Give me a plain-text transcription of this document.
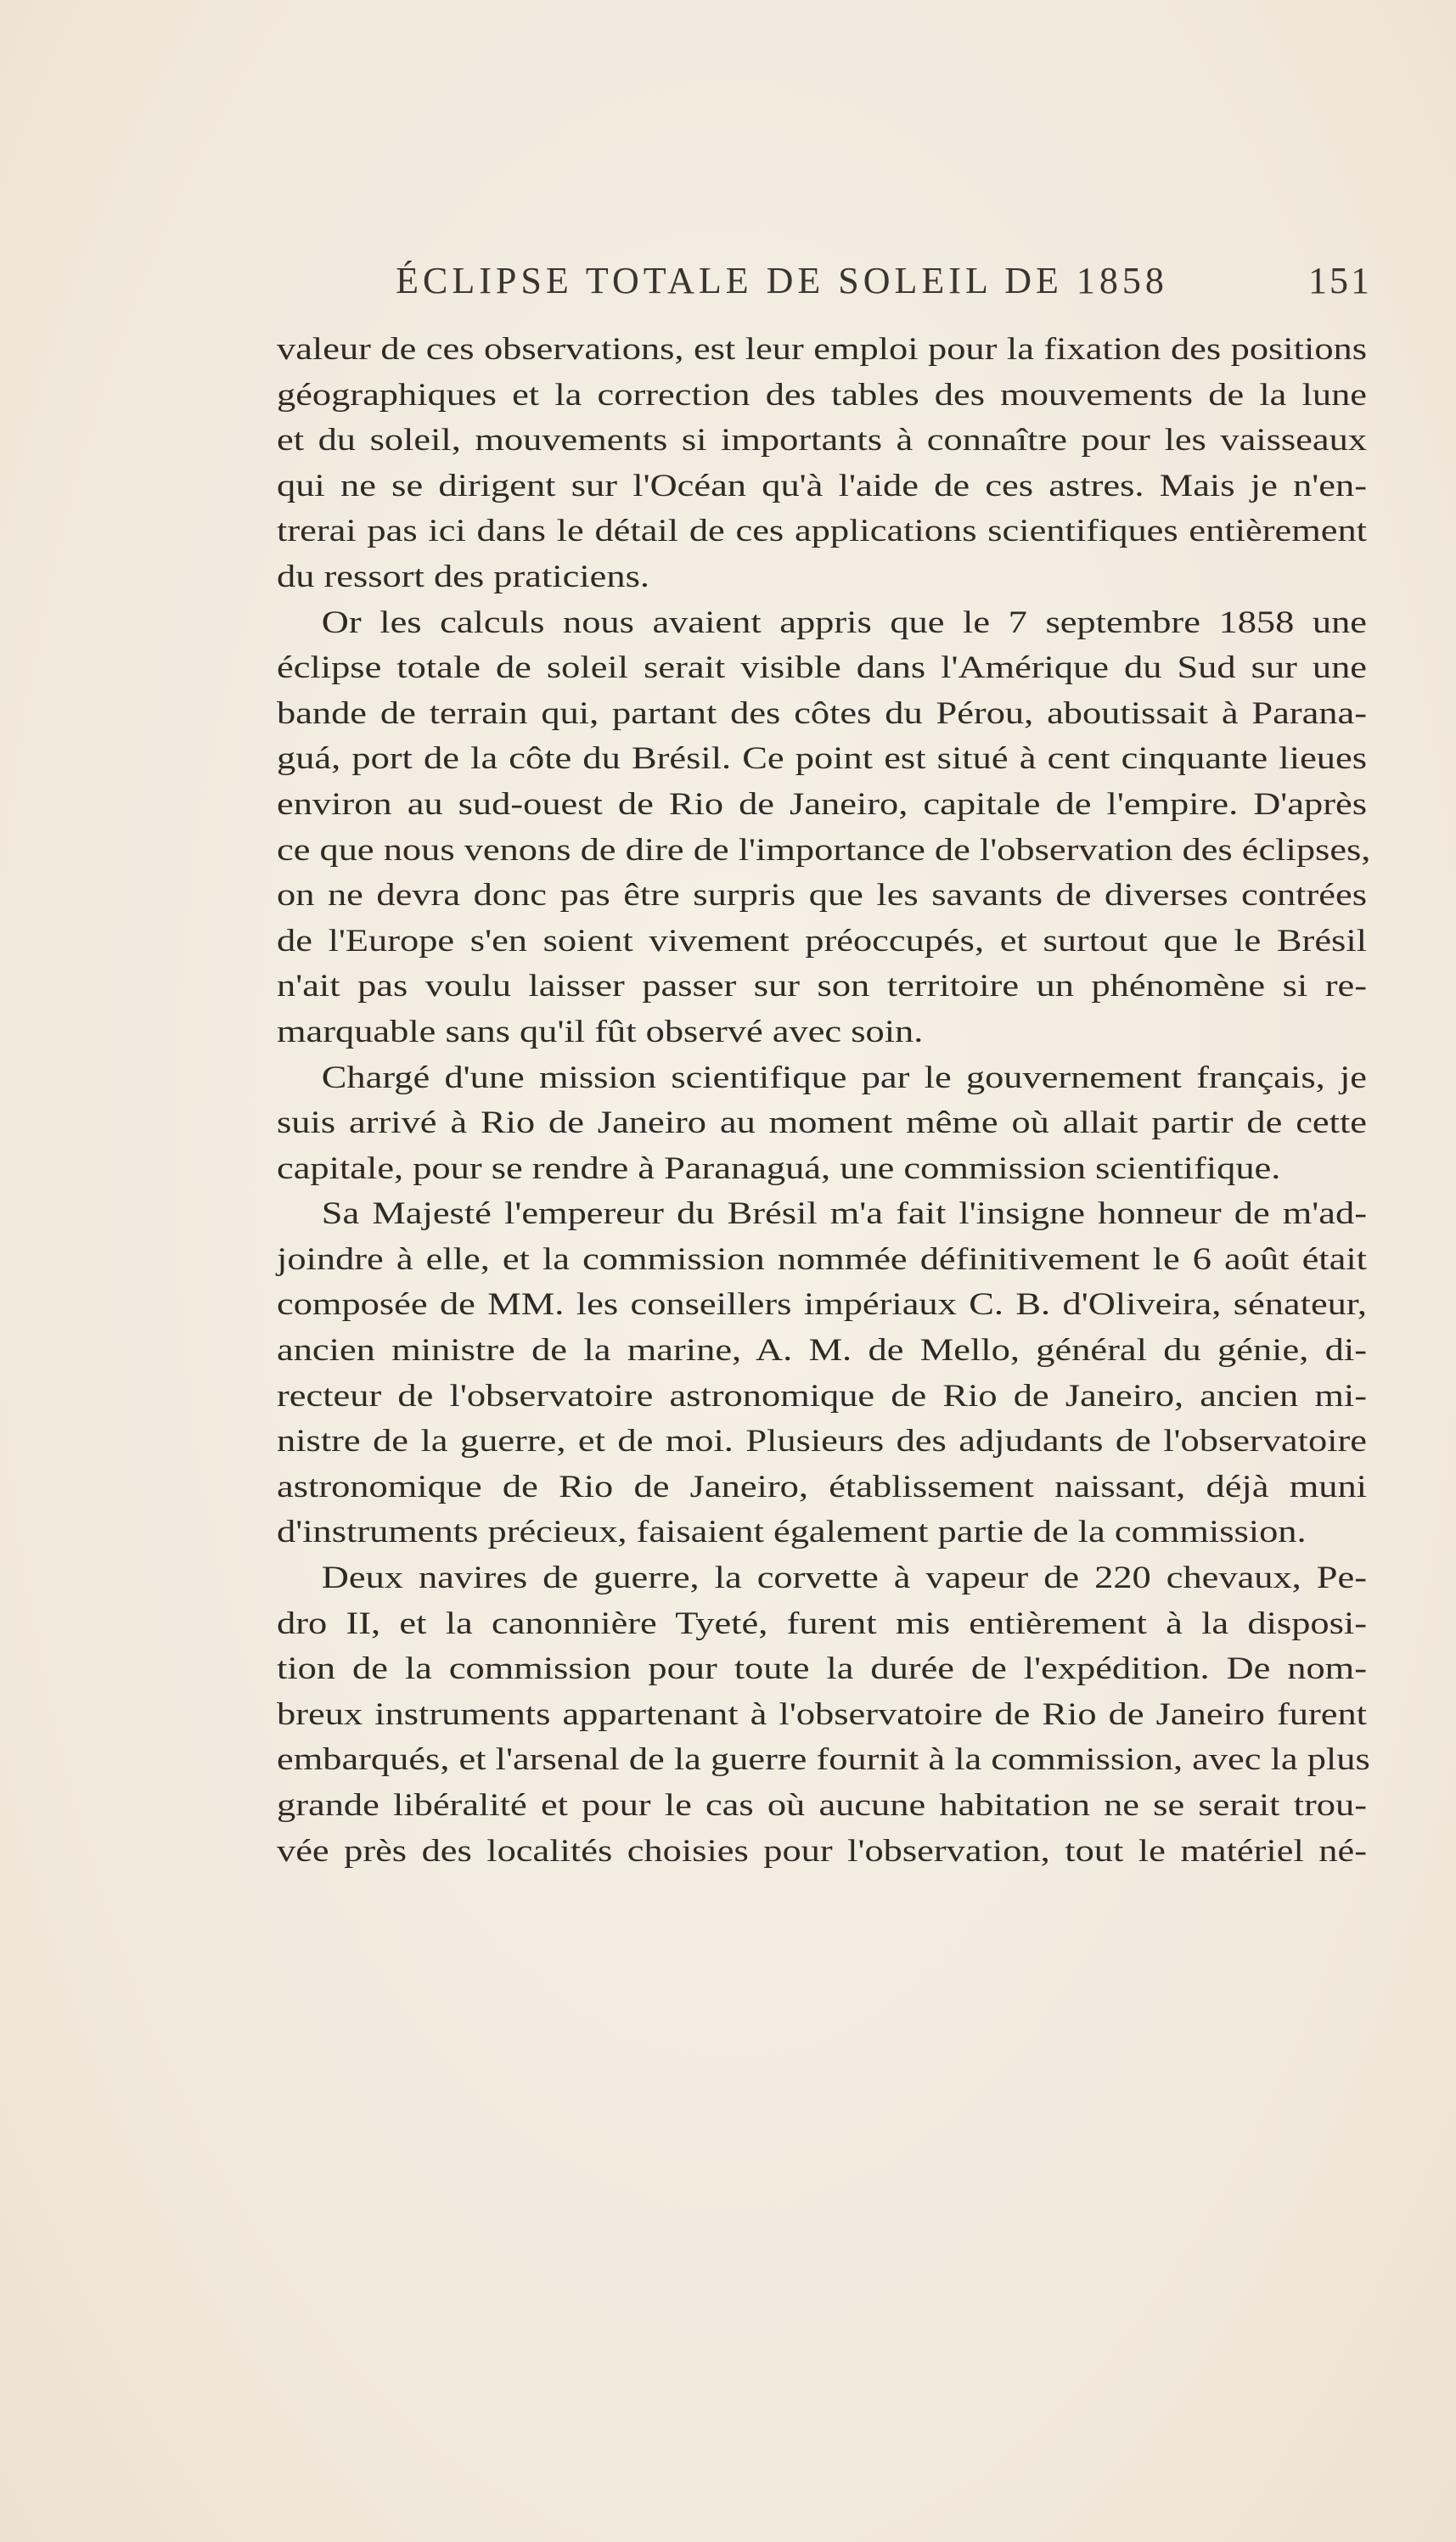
ÉCLIPSE TOTALE DE SOLEIL DE 1858	151
valeur de ces observations, est leur emploi pour la fixation des positions
géographiques et la correction des tables des mouvements de la lune
et du soleil, mouvements si importants à connaître pour les vaisseaux
qui ne se dirigent sur l'Océan qu'à l'aide de ces astres. Mais je n'en-
trerai pas ici dans le détail de ces applications scientifiques entièrement
du ressort des praticiens.
Or les calculs nous avaient appris que le 7 septembre 1858 une
éclipse totale de soleil serait visible dans l'Amérique du Sud sur une
bande de terrain qui, partant des côtes du Pérou, aboutissait à Parana-
guá, port de la côte du Brésil. Ce point est situé à cent cinquante lieues
environ au sud-ouest de Rio de Janeiro, capitale de l'empire. D'après
ce que nous venons de dire de l'importance de l'observation des éclipses,
on ne devra donc pas être surpris que les savants de diverses contrées
de l'Europe s'en soient vivement préoccupés, et surtout que le Brésil
n'ait pas voulu laisser passer sur son territoire un phénomène si re-
marquable sans qu'il fût observé avec soin.
Chargé d'une mission scientifique par le gouvernement français, je
suis arrivé à Rio de Janeiro au moment même où allait partir de cette
capitale, pour se rendre à Paranaguá, une commission scientifique.
Sa Majesté l'empereur du Brésil m'a fait l'insigne honneur de m'ad-
joindre à elle, et la commission nommée définitivement le 6 août était
composée de MM. les conseillers impériaux C. B. d'Oliveira, sénateur,
ancien ministre de la marine, A. M. de Mello, général du génie, di-
recteur de l'observatoire astronomique de Rio de Janeiro, ancien mi-
nistre de la guerre, et de moi. Plusieurs des adjudants de l'observatoire
astronomique de Rio de Janeiro, établissement naissant, déjà muni
d'instruments précieux, faisaient également partie de la commission.
Deux navires de guerre, la corvette à vapeur de 220 chevaux, Pe-
dro II, et la canonnière Tyeté, furent mis entièrement à la disposi-
tion de la commission pour toute la durée de l'expédition. De nom-
breux instruments appartenant à l'observatoire de Rio de Janeiro furent
embarqués, et l'arsenal de la guerre fournit à la commission, avec la plus
grande libéralité et pour le cas où aucune habitation ne se serait trou-
vée près des localités choisies pour l'observation, tout le matériel né-
